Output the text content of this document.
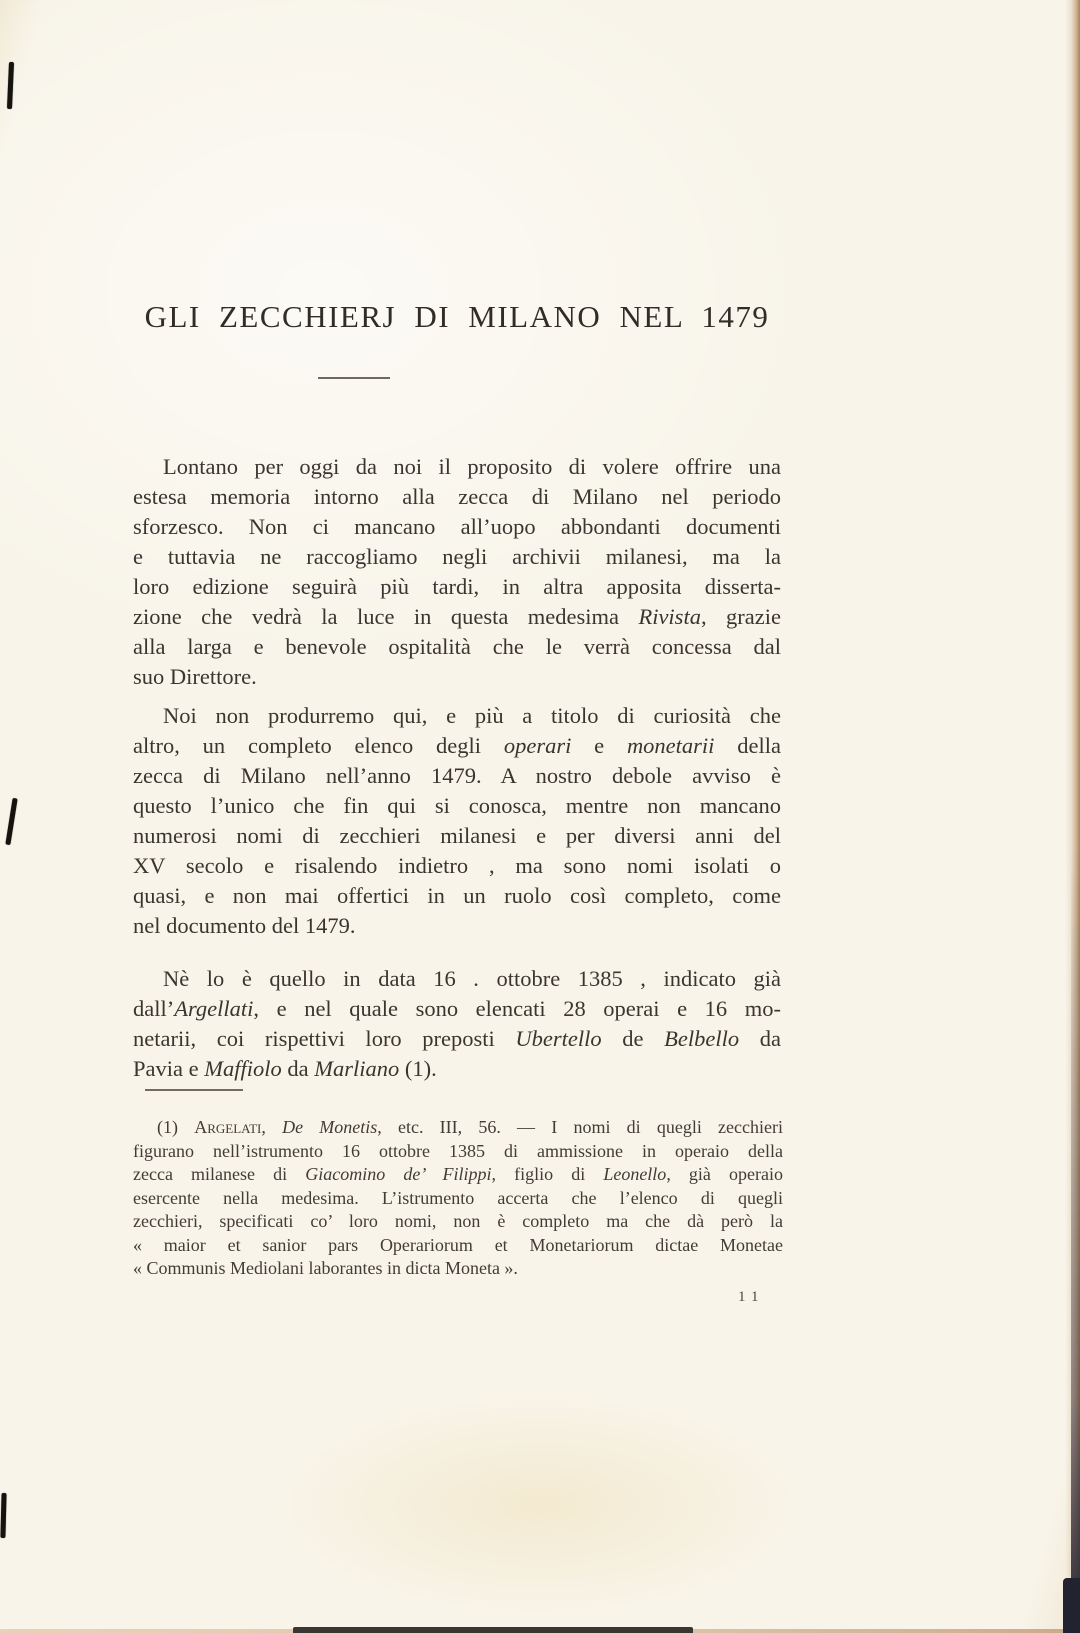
GLI ZECCHIERJ DI MILANO NEL 1479
Lontano per oggi da noi il proposito di volere offrire una
estesa memoria intorno alla zecca di Milano nel periodo
sforzesco. Non ci mancano all’uopo abbondanti documenti
e tuttavia ne raccogliamo negli archivii milanesi, ma la
loro edizione seguirà più tardi, in altra apposita disserta-
zione che vedrà la luce in questa medesima Rivista, grazie
alla larga e benevole ospitalità che le verrà concessa dal
suo Direttore.
Noi non produrremo qui, e più a titolo di curiosità che
altro, un completo elenco degli operari e monetarii della
zecca di Milano nell’anno 1479. A nostro debole avviso è
questo l’unico che fin qui si conosca, mentre non mancano
numerosi nomi di zecchieri milanesi e per diversi anni del
XV secolo e risalendo indietro , ma sono nomi isolati o
quasi, e non mai offertici in un ruolo così completo, come
nel documento del 1479.
Nè lo è quello in data 16 . ottobre 1385 , indicato già
dall’Argellati, e nel quale sono elencati 28 operai e 16 mo-
netarii, coi rispettivi loro preposti Ubertello de Belbello da
Pavia e Maffiolo da Marliano (1).
(1) Argelati, De Monetis, etc. III, 56. — I nomi di quegli zecchieri
figurano nell’istrumento 16 ottobre 1385 di ammissione in operaio della
zecca milanese di Giacomino de’ Filippi, figlio di Leonello, già operaio
esercente nella medesima. L’istrumento accerta che l’elenco di quegli
zecchieri, specificati co’ loro nomi, non è completo ma che dà però la
« maior et sanior pars Operariorum et Monetariorum dictae Monetae
« Communis Mediolani laborantes in dicta Moneta ».
11
